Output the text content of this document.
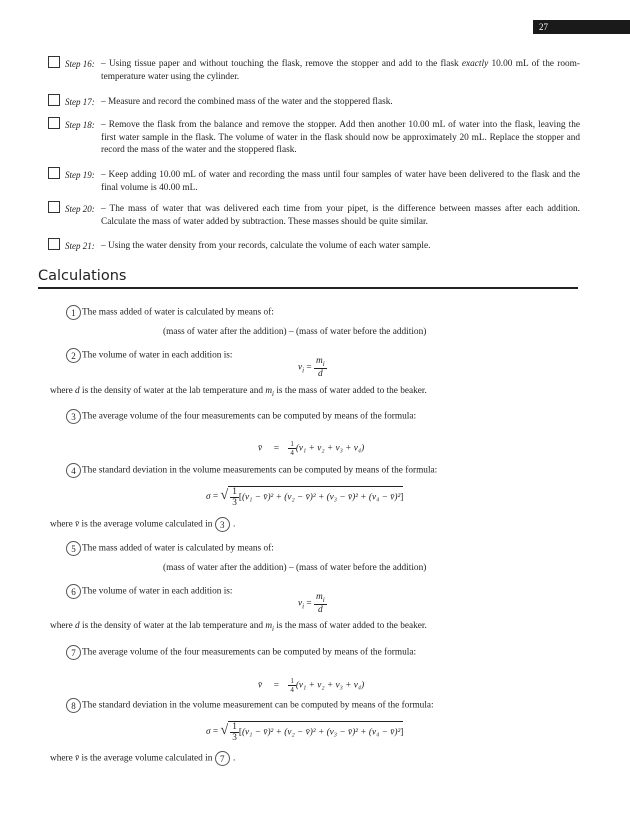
27
Step 16: – Using tissue paper and without touching the flask, remove the stopper and add to the flask exactly 10.00 mL of the room-temperature water using the cylinder.
Step 17: – Measure and record the combined mass of the water and the stoppered flask.
Step 18: – Remove the flask from the balance and remove the stopper. Add then another 10.00 mL of water into the flask, leaving the first water sample in the flask. The volume of water in the flask should now be approximately 20 mL. Replace the stopper and record the mass of the water and the stoppered flask.
Step 19: – Keep adding 10.00 mL of water and recording the mass until four samples of water have been delivered to the flask and the final volume is 40.00 mL.
Step 20: – The mass of water that was delivered each time from your pipet, is the difference between masses after each addition. Calculate the mass of water added by subtraction. These masses should be quite similar.
Step 21: – Using the water density from your records, calculate the volume of each water sample.
Calculations
1 The mass added of water is calculated by means of:
(mass of water after the addition) – (mass of water before the addition)
2 The volume of water in each addition is:
$v_i = \frac{m_i}{d}$
where d is the density of water at the lab temperature and $m_i$ is the mass of water added to the beaker.
3 The average volume of the four measurements can be computed by means of the formula:
v̄ = $\frac{1}{4} (v_1 + v_2 + v_3 + v_4)$
4 The standard deviation in the volume measurements can be computed by means of the formula:
σ = √ $\frac{1}{3} [(v_1$ − v̄)² + (v₂ − v̄)² + (v₃ − v̄)² + (v₄ − v̄)²]
where v̄ is the average volume calculated in 3 .
5 The mass added of water is calculated by means of:
(mass of water after the addition) – (mass of water before the addition)
6 The volume of water in each addition is:
$v_i = \frac{m_i}{d}$
where d is the density of water at the lab temperature and $m_i$ is the mass of water added to the beaker.
7 The average volume of the four measurements can be computed by means of the formula:
v̄ = $\frac{1}{4} (v_1 + v_2 + v_3 + v_4)$
8 The standard deviation in the volume measurement can be computed by means of the formula:
σ = √ $\frac{1}{3} [(v_1$ − v̄)² + (v₂ − v̄)² + (v₃ − v̄)² + (v₄ − v̄)²]
where v̄ is the average volume calculated in 7 .
